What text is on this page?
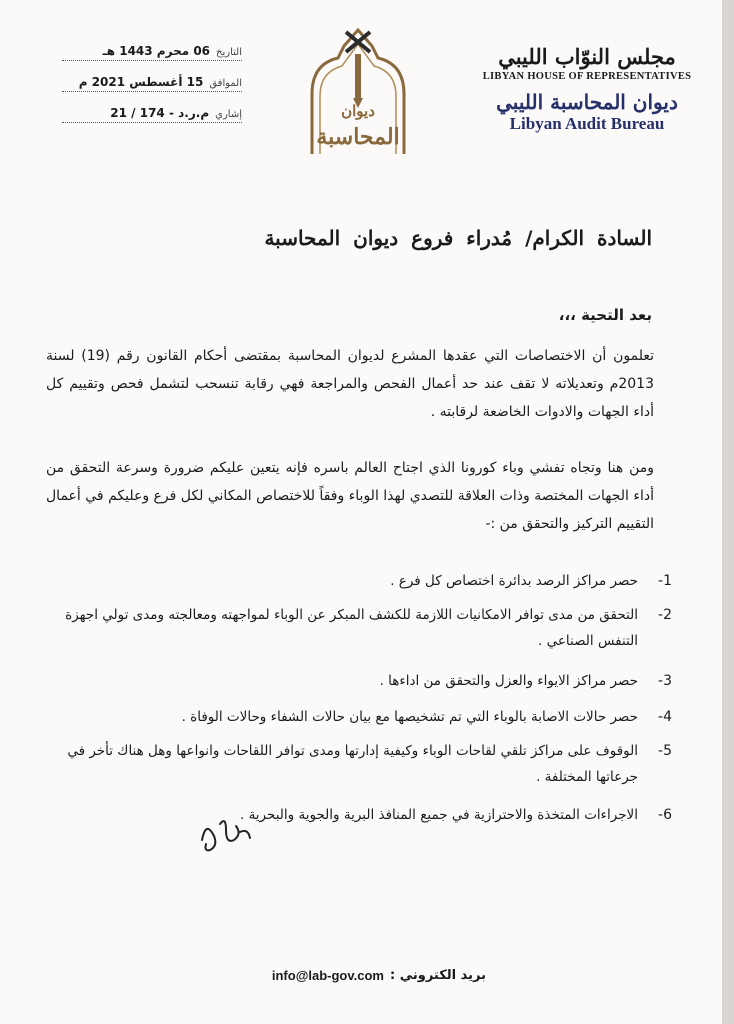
مجلس النوّاب الليبي
LIBYAN HOUSE OF REPRESENTATIVES
ديوان المحاسبة الليبي
Libyan Audit Bureau
ديوان
المحاسبة
التاريخ
06 محرم 1443 هـ
الموافق
15 أغسطس 2021 م
إشاري
م.ر.د - 174 / 21
السادة الكرام/ مُدراء فروع ديوان المحاسبة
بعد التحية ،،،
تعلمون أن الاختصاصات التي عقدها المشرع لديوان المحاسبة بمقتضى أحكام القانون رقم (19) لسنة 2013م وتعديلاته لا تقف عند حد أعمال الفحص والمراجعة فهي رقابة تنسحب لتشمل فحص وتقييم كل أداء الجهات والادوات الخاضعة لرقابته .
ومن هنا وتجاه تفشي وباء كورونا الذي اجتاح العالم باسره فإنه يتعين عليكم ضرورة وسرعة التحقق من أداء الجهات المختصة وذات العلاقة للتصدي لهذا الوباء وفقاً للاختصاص المكاني لكل فرع وعليكم في أعمال التقييم التركيز والتحقق من :-
1-
حصر مراكز الرصد بدائرة اختصاص كل فرع .
2-
التحقق من مدى توافر الامكانيات اللازمة للكشف المبكر عن الوباء لمواجهته ومعالجته ومدى تولي اجهزة التنفس الصناعي .
3-
حصر مراكز الايواء والعزل والتحقق من اداءها .
4-
حصر حالات الاصابة بالوباء التي تم تشخيصها مع بيان حالات الشفاء وحالات الوفاة .
5-
الوقوف على مراكز تلقي لقاحات الوباء وكيفية إدارتها ومدى توافر اللقاحات وانواعها وهل هناك تأخر في جرعاتها المختلفة .
6-
الاجراءات المتخذة والاحترازية في جميع المنافذ البرية والجوية والبحرية .
بريد الكتروني :
info@lab-gov.com
